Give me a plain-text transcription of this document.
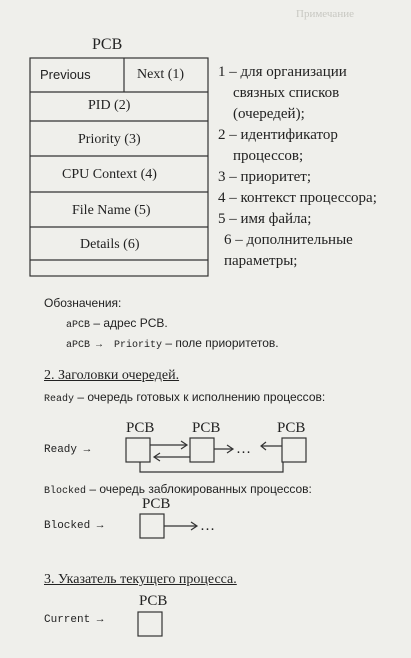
Примечание
PCB
Previous	Next (1)
PID (2)
Priority (3)
CPU Context (4)
File Name (5)
Details (6)
1 – для организации
связных списков
(очередей);
2 – идентификатор
процессов;
3 – приоритет;
4 – контекст процессора;
5 – имя файла;
6 – дополнительные
параметры;
Обозначения:
aPCB – адрес PCB.
aPCB →  Priority – поле приоритетов.
2. Заголовки очередей.
Ready – очередь готовых к исполнению процессов:
PCB	PCB	PCB
Ready →	…
Blocked – очередь заблокированных процессов:
PCB
Blocked →	…
3. Указатель текущего процесса.
PCB
Current →
